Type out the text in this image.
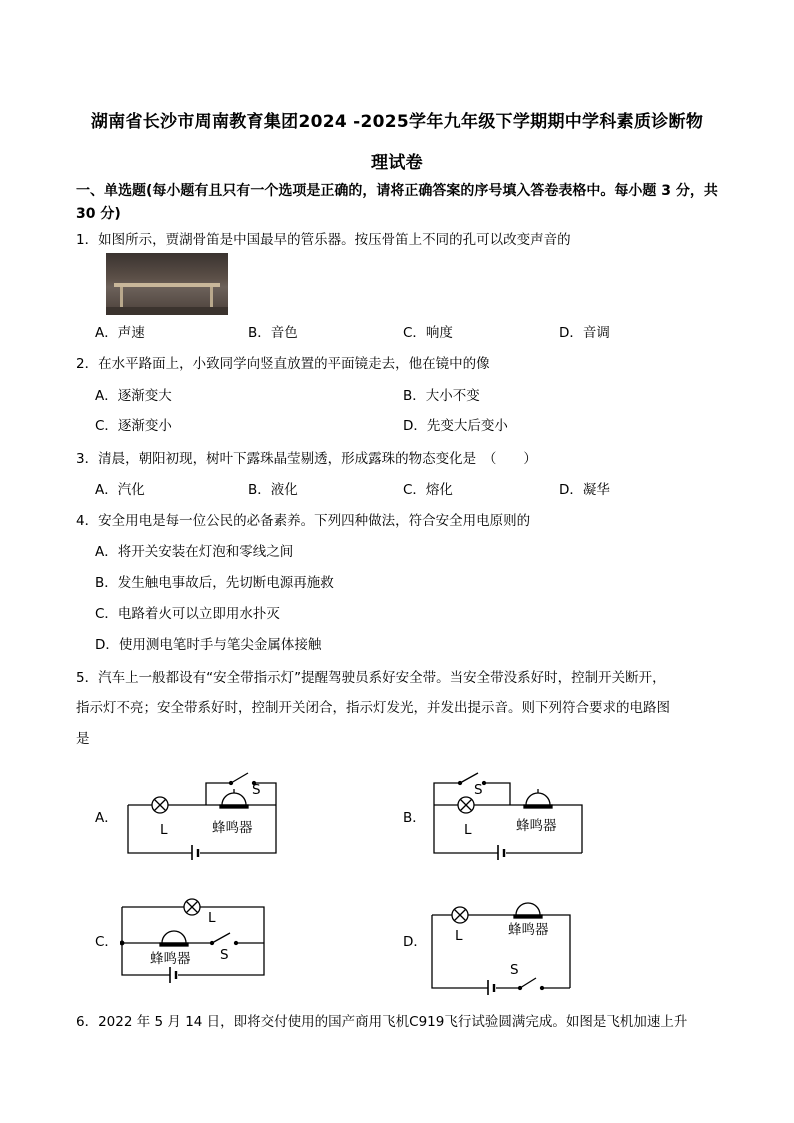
湖南省长沙市周南教育集团2024 -2025学年九年级下学期期中学科素质诊断物
理试卷
一、单选题(每小题有且只有一个选项是正确的，请将正确答案的序号填入答卷表格中。每小题 3 分，共 30 分)
1．如图所示，贾湖骨笛是中国最早的管乐器。按压骨笛上不同的孔可以改变声音的
A．声速	B．音色	C．响度	D．音调
2．在水平路面上，小致同学向竖直放置的平面镜走去，他在镜中的像
A．逐渐变大	B．大小不变
C．逐渐变小	D．先变大后变小
3．清晨，朝阳初现，树叶下露珠晶莹剔透，形成露珠的物态变化是　（　　）
A．汽化	B．液化	C．熔化	D．凝华
4．安全用电是每一位公民的必备素养。下列四种做法，符合安全用电原则的
A．将开关安装在灯泡和零线之间
B．发生触电事故后，先切断电源再施救
C．电路着火可以立即用水扑灭
D．使用测电笔时手与笔尖金属体接触
5．汽车上一般都设有“安全带指示灯”提醒驾驶员系好安全带。当安全带没系好时，控制开关断开，
指示灯不亮；安全带系好时，控制开关闭合，指示灯发光，并发出提示音。则下列符合要求的电路图
是
A．
L
S
蜂鸣器
B．
S
L	蜂鸣器
C．
L
蜂鸣器 S
D． L	蜂鸣器
S
6．2022 年 5 月 14 日，即将交付使用的国产商用飞机C919飞行试验圆满完成。如图是飞机加速上升
